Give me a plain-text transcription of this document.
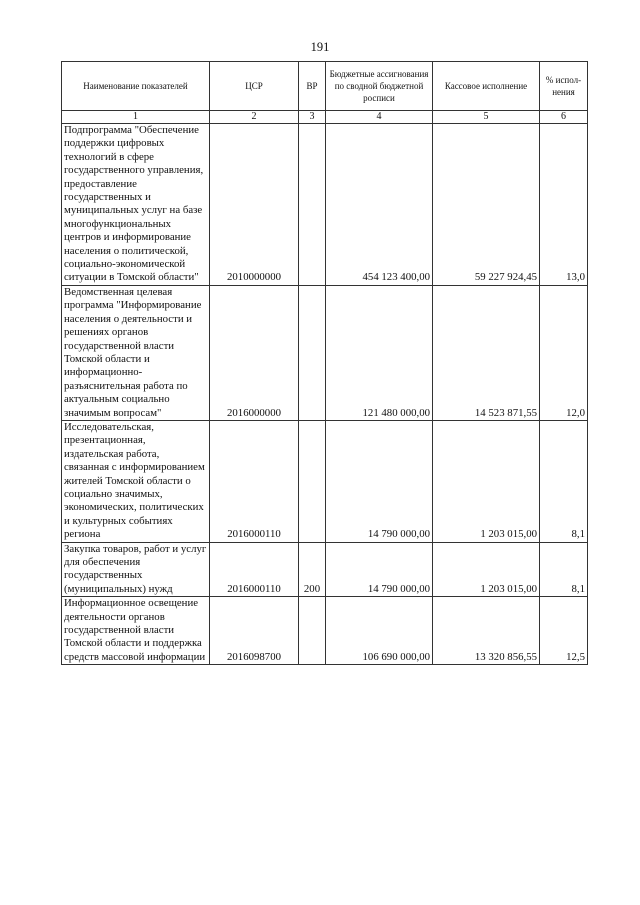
191
Наименование показателей	ЦСР	ВР	Бюджетные ассигнования по сводной бюджетной росписи	Кассовое исполнение	% испол-нения
1	2	3	4	5	6
Подпрограмма "Обеспечение поддержки цифровых технологий в сфере государственного управления, предоставление государственных и муниципальных услуг на базе многофункциональных центров и информирование населения о политической, социально-экономической ситуации в Томской области"	2010000000		454 123 400,00	59 227 924,45	13,0
Ведомственная целевая программа "Информирование населения о деятельности и решениях органов государственной власти Томской области и информационно-разъяснительная работа по актуальным социально значимым вопросам"	2016000000		121 480 000,00	14 523 871,55	12,0
Исследовательская, презентационная, издательская работа, связанная с информированием жителей Томской области о социально значимых, экономических, политических и культурных событиях региона	2016000110		14 790 000,00	1 203 015,00	8,1
Закупка товаров, работ и услуг для обеспечения государственных (муниципальных) нужд	2016000110	200	14 790 000,00	1 203 015,00	8,1
Информационное освещение деятельности органов государственной власти Томской области и поддержка средств массовой информации	2016098700		106 690 000,00	13 320 856,55	12,5
